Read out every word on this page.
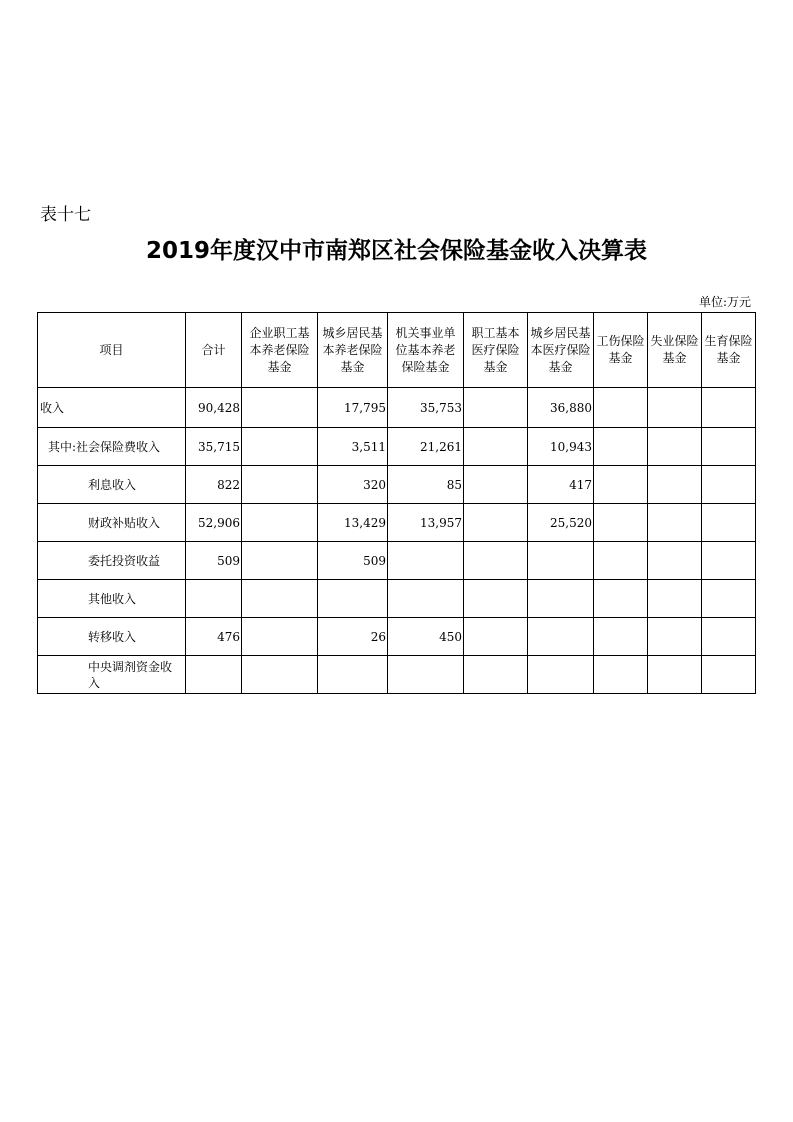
表十七
2019年度汉中市南郑区社会保险基金收入决算表
单位:万元
项目	合计	企业职工基本养老保险基金	城乡居民基本养老保险基金	机关事业单位基本养老保险基金	职工基本医疗保险基金	城乡居民基本医疗保险基金	工伤保险基金	失业保险基金	生育保险基金
收入	90,428		17,795	35,753		36,880			
其中:社会保险费收入	35,715		3,511	21,261		10,943			
利息收入	822		320	85		417			
财政补贴收入	52,906		13,429	13,957		25,520			
委托投资收益	509		509						
其他收入									
转移收入	476		26	450					
中央调剂资金收入									
